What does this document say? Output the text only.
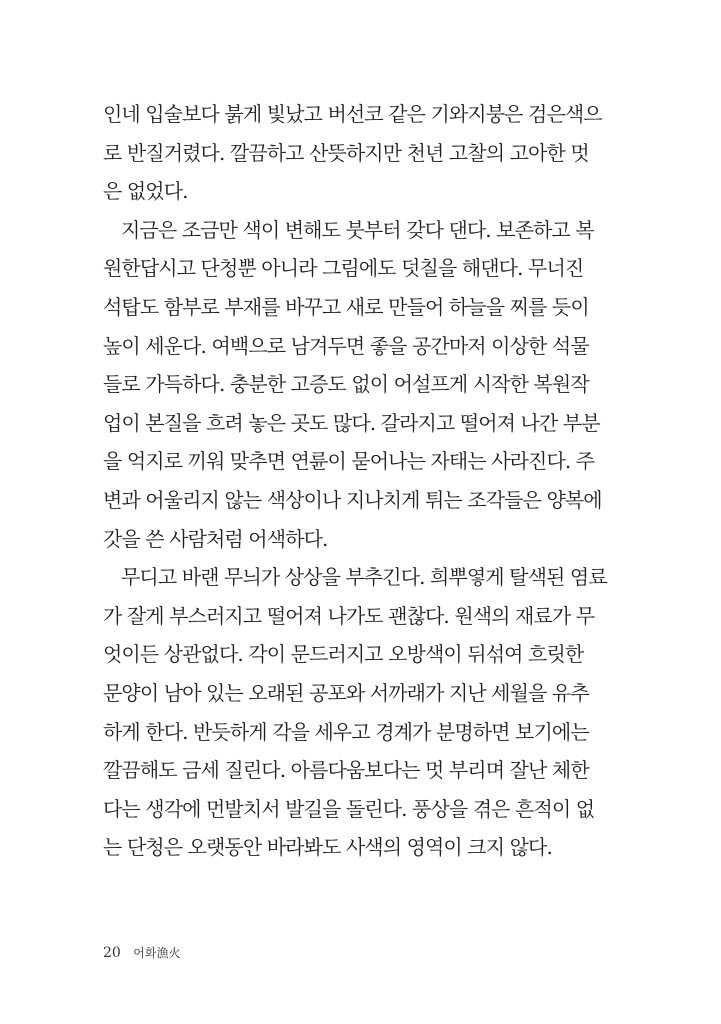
인네 입술보다 붉게 빛났고 버선코 같은 기와지붕은 검은색으
로 반질거렸다. 깔끔하고 산뜻하지만 천년 고찰의 고아한 멋
은 없었다.
지금은 조금만 색이 변해도 붓부터 갖다 댄다. 보존하고 복
원한답시고 단청뿐 아니라 그림에도 덧칠을 해댄다. 무너진
석탑도 함부로 부재를 바꾸고 새로 만들어 하늘을 찌를 듯이
높이 세운다. 여백으로 남겨두면 좋을 공간마저 이상한 석물
들로 가득하다. 충분한 고증도 없이 어설프게 시작한 복원작
업이 본질을 흐려 놓은 곳도 많다. 갈라지고 떨어져 나간 부분
을 억지로 끼워 맞추면 연륜이 묻어나는 자태는 사라진다. 주
변과 어울리지 않는 색상이나 지나치게 튀는 조각들은 양복에
갓을 쓴 사람처럼 어색하다.
무디고 바랜 무늬가 상상을 부추긴다. 희뿌옇게 탈색된 염료
가 잘게 부스러지고 떨어져 나가도 괜찮다. 원색의 재료가 무
엇이든 상관없다. 각이 문드러지고 오방색이 뒤섞여 흐릿한
문양이 남아 있는 오래된 공포와 서까래가 지난 세월을 유추
하게 한다. 반듯하게 각을 세우고 경계가 분명하면 보기에는
깔끔해도 금세 질린다. 아름다움보다는 멋 부리며 잘난 체한
다는 생각에 먼발치서 발길을 돌린다. 풍상을 겪은 흔적이 없
는 단청은 오랫동안 바라봐도 사색의 영역이 크지 않다.
20 어화漁火
